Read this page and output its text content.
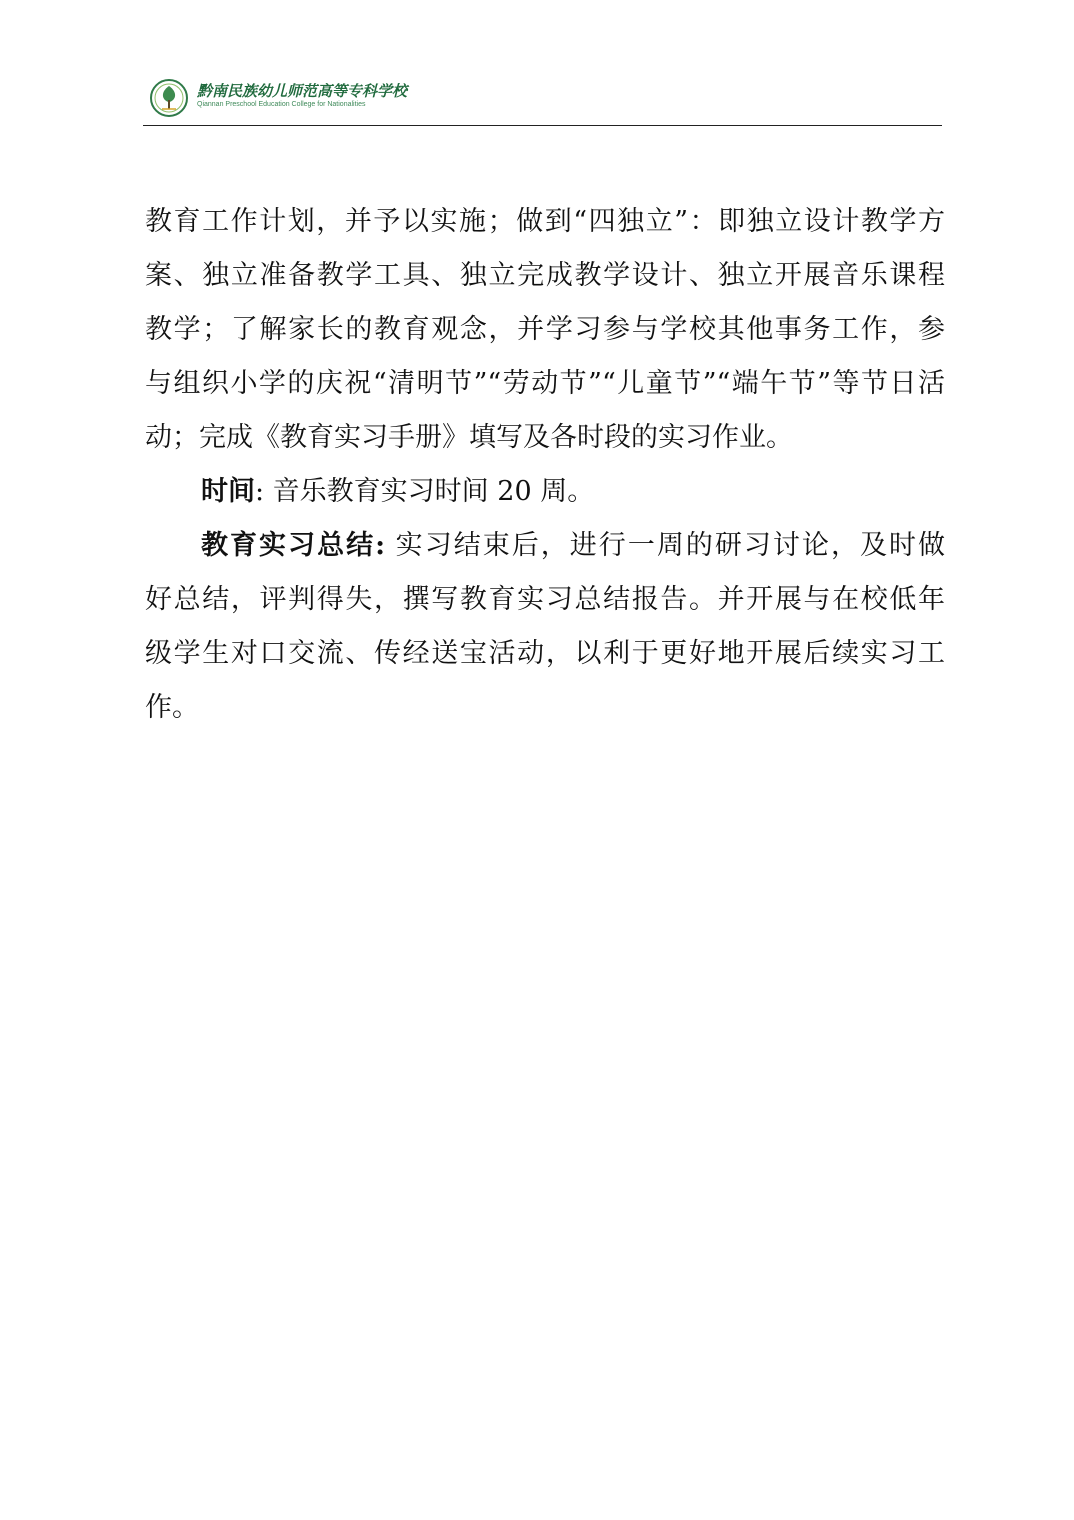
黔南民族幼儿师范高等专科学校
Qiannan Preschool Education College for Nationalities
教育工作计划，并予以实施；做到“四独立”：即独立设计教学方
案、独立准备教学工具、独立完成教学设计、独立开展音乐课程
教学；了解家长的教育观念，并学习参与学校其他事务工作，参
与组织小学的庆祝“清明节”“劳动节”“儿童节”“端午节”等节日活
动；完成《教育实习手册》填写及各时段的实习作业。
时间: 音乐教育实习时间 20 周。
教育实习总结: 实习结束后，进行一周的研习讨论，及时做
好总结，评判得失，撰写教育实习总结报告。并开展与在校低年
级学生对口交流、传经送宝活动，以利于更好地开展后续实习工
作。
